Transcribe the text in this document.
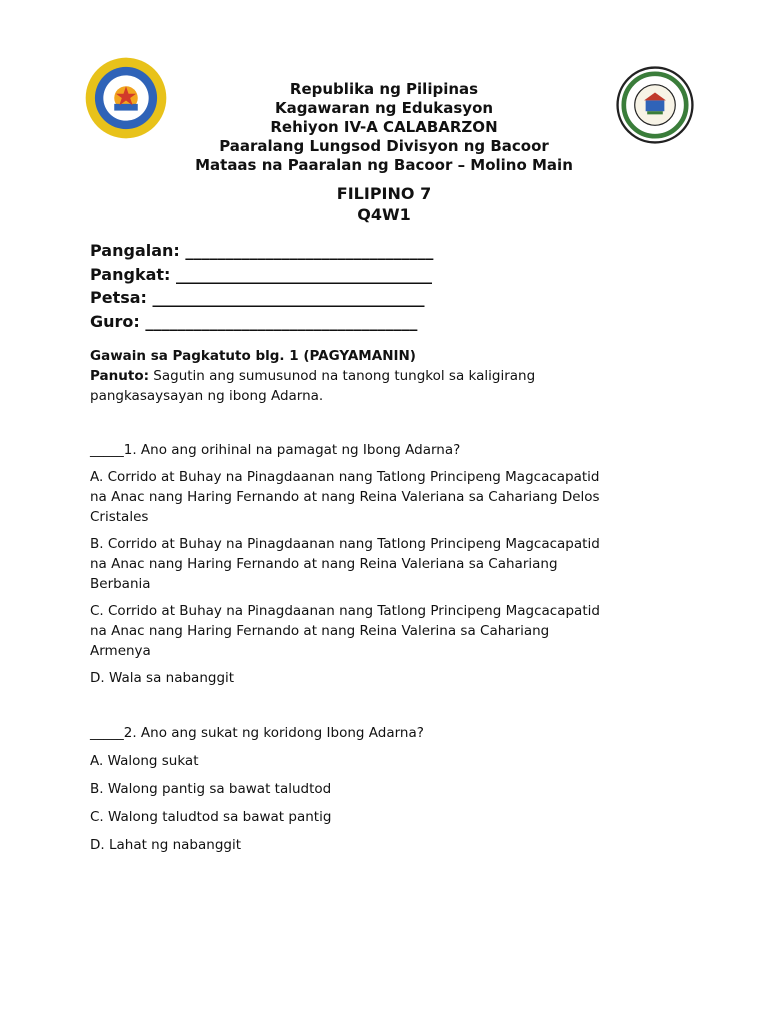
Republika ng Pilipinas
Kagawaran ng Edukasyon
Rehiyon IV-A CALABARZON
Paaralang Lungsod Divisyon ng Bacoor
Mataas na Paaralan ng Bacoor – Molino Main
FILIPINO 7
Q4W1
Pangalan: _______________________________
Pangkat: ________________________________
Petsa: __________________________________
Guro: __________________________________
Gawain sa Pagkatuto blg. 1 (PAGYAMANIN)
Panuto: Sagutin ang sumusunod na tanong tungkol sa kaligirang
pangkasaysayan ng ibong Adarna.
_____1. Ano ang orihinal na pamagat ng Ibong Adarna?
A. Corrido at Buhay na Pinagdaanan nang Tatlong Principeng Magcacapatid
na Anac nang Haring Fernando at nang Reina Valeriana sa Cahariang Delos
Cristales
B. Corrido at Buhay na Pinagdaanan nang Tatlong Principeng Magcacapatid
na Anac nang Haring Fernando at nang Reina Valeriana sa Cahariang
Berbania
C. Corrido at Buhay na Pinagdaanan nang Tatlong Principeng Magcacapatid
na Anac nang Haring Fernando at nang Reina Valerina sa Cahariang
Armenya
D. Wala sa nabanggit
_____2. Ano ang sukat ng koridong Ibong Adarna?
A. Walong sukat
B. Walong pantig sa bawat taludtod
C. Walong taludtod sa bawat pantig
D. Lahat ng nabanggit
